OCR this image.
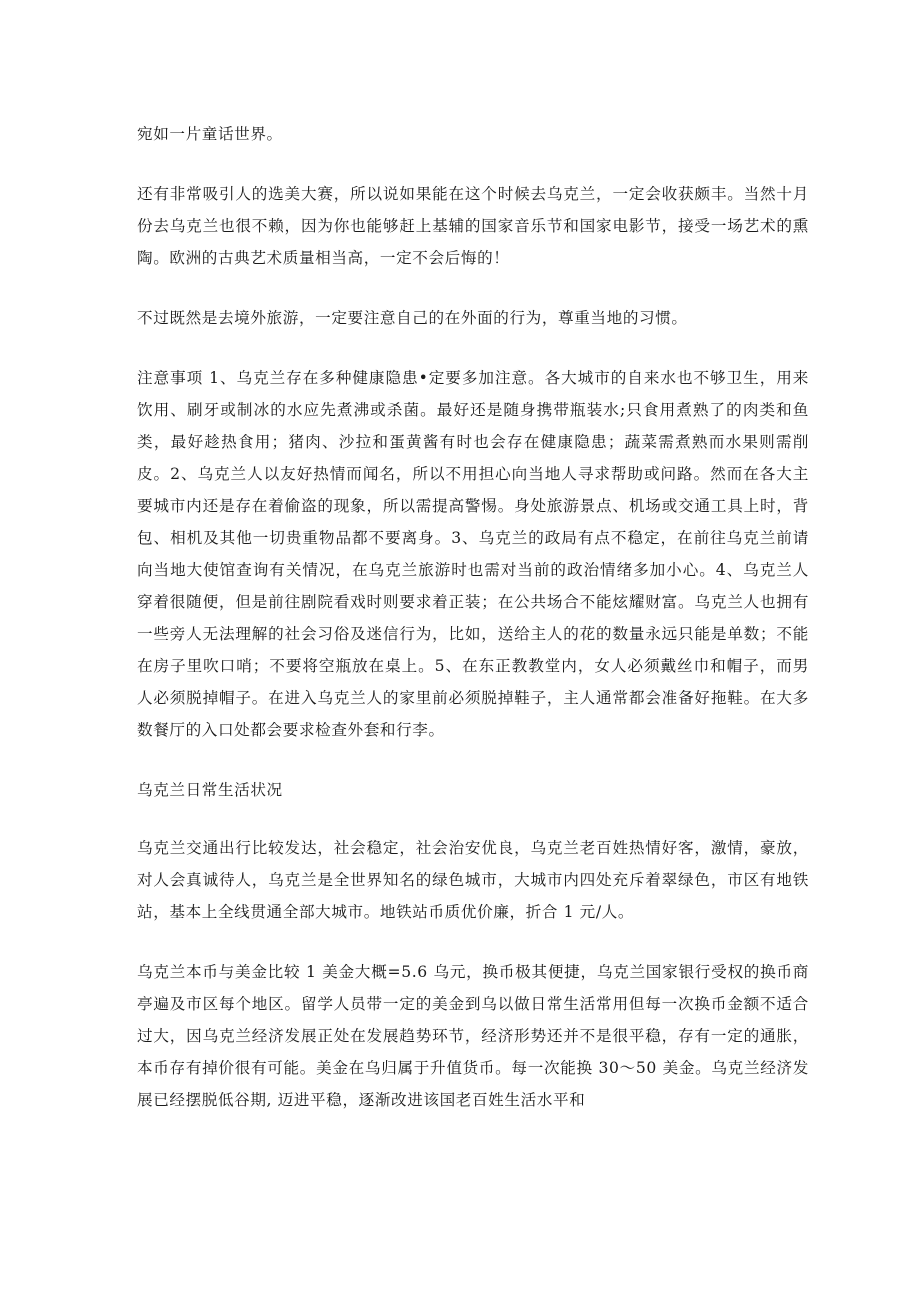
宛如一片童话世界。

还有非常吸引人的选美大赛，所以说如果能在这个时候去乌克兰，一定会收获颇丰。当然十月份去乌克兰也很不赖，因为你也能够赶上基辅的国家音乐节和国家电影节，接受一场艺术的熏陶。欧洲的古典艺术质量相当高，一定不会后悔的！

不过既然是去境外旅游，一定要注意自己的在外面的行为，尊重当地的习惯。

注意事项 1、乌克兰存在多种健康隐患•定要多加注意。各大城市的自来水也不够卫生，用来饮用、刷牙或制冰的水应先煮沸或杀菌。最好还是随身携带瓶装水;只食用煮熟了的肉类和鱼类，最好趁热食用；猪肉、沙拉和蛋黄酱有时也会存在健康隐患；蔬菜需煮熟而水果则需削皮。2、乌克兰人以友好热情而闻名，所以不用担心向当地人寻求帮助或问路。然而在各大主要城市内还是存在着偷盗的现象，所以需提高警惕。身处旅游景点、机场或交通工具上时，背包、相机及其他一切贵重物品都不要离身。3、乌克兰的政局有点不稳定，在前往乌克兰前请向当地大使馆查询有关情况，在乌克兰旅游时也需对当前的政治情绪多加小心。4、乌克兰人穿着很随便，但是前往剧院看戏时则要求着正装；在公共场合不能炫耀财富。乌克兰人也拥有一些旁人无法理解的社会习俗及迷信行为，比如，送给主人的花的数量永远只能是单数；不能在房子里吹口哨；不要将空瓶放在桌上。5、在东正教教堂内，女人必须戴丝巾和帽子，而男人必须脱掉帽子。在进入乌克兰人的家里前必须脱掉鞋子，主人通常都会准备好拖鞋。在大多数餐厅的入口处都会要求检查外套和行李。

乌克兰日常生活状况

乌克兰交通出行比较发达，社会稳定，社会治安优良，乌克兰老百姓热情好客，激情，豪放，对人会真诚待人，乌克兰是全世界知名的绿色城市，大城市内四处充斥着翠绿色，市区有地铁站，基本上全线贯通全部大城市。地铁站币质优价廉，折合 1 元/人。

乌克兰本币与美金比较 1 美金大概=5.6 乌元，换币极其便捷，乌克兰国家银行受权的换币商亭遍及市区每个地区。留学人员带一定的美金到乌以做日常生活常用但每一次换币金额不适合过大，因乌克兰经济发展正处在发展趋势环节，经济形势还并不是很平稳，存有一定的通胀，本币存有掉价很有可能。美金在乌归属于升值货币。每一次能换 30～50 美金。乌克兰经济发展已经摆脱低谷期, 迈进平稳，逐渐改进该国老百姓生活水平和
